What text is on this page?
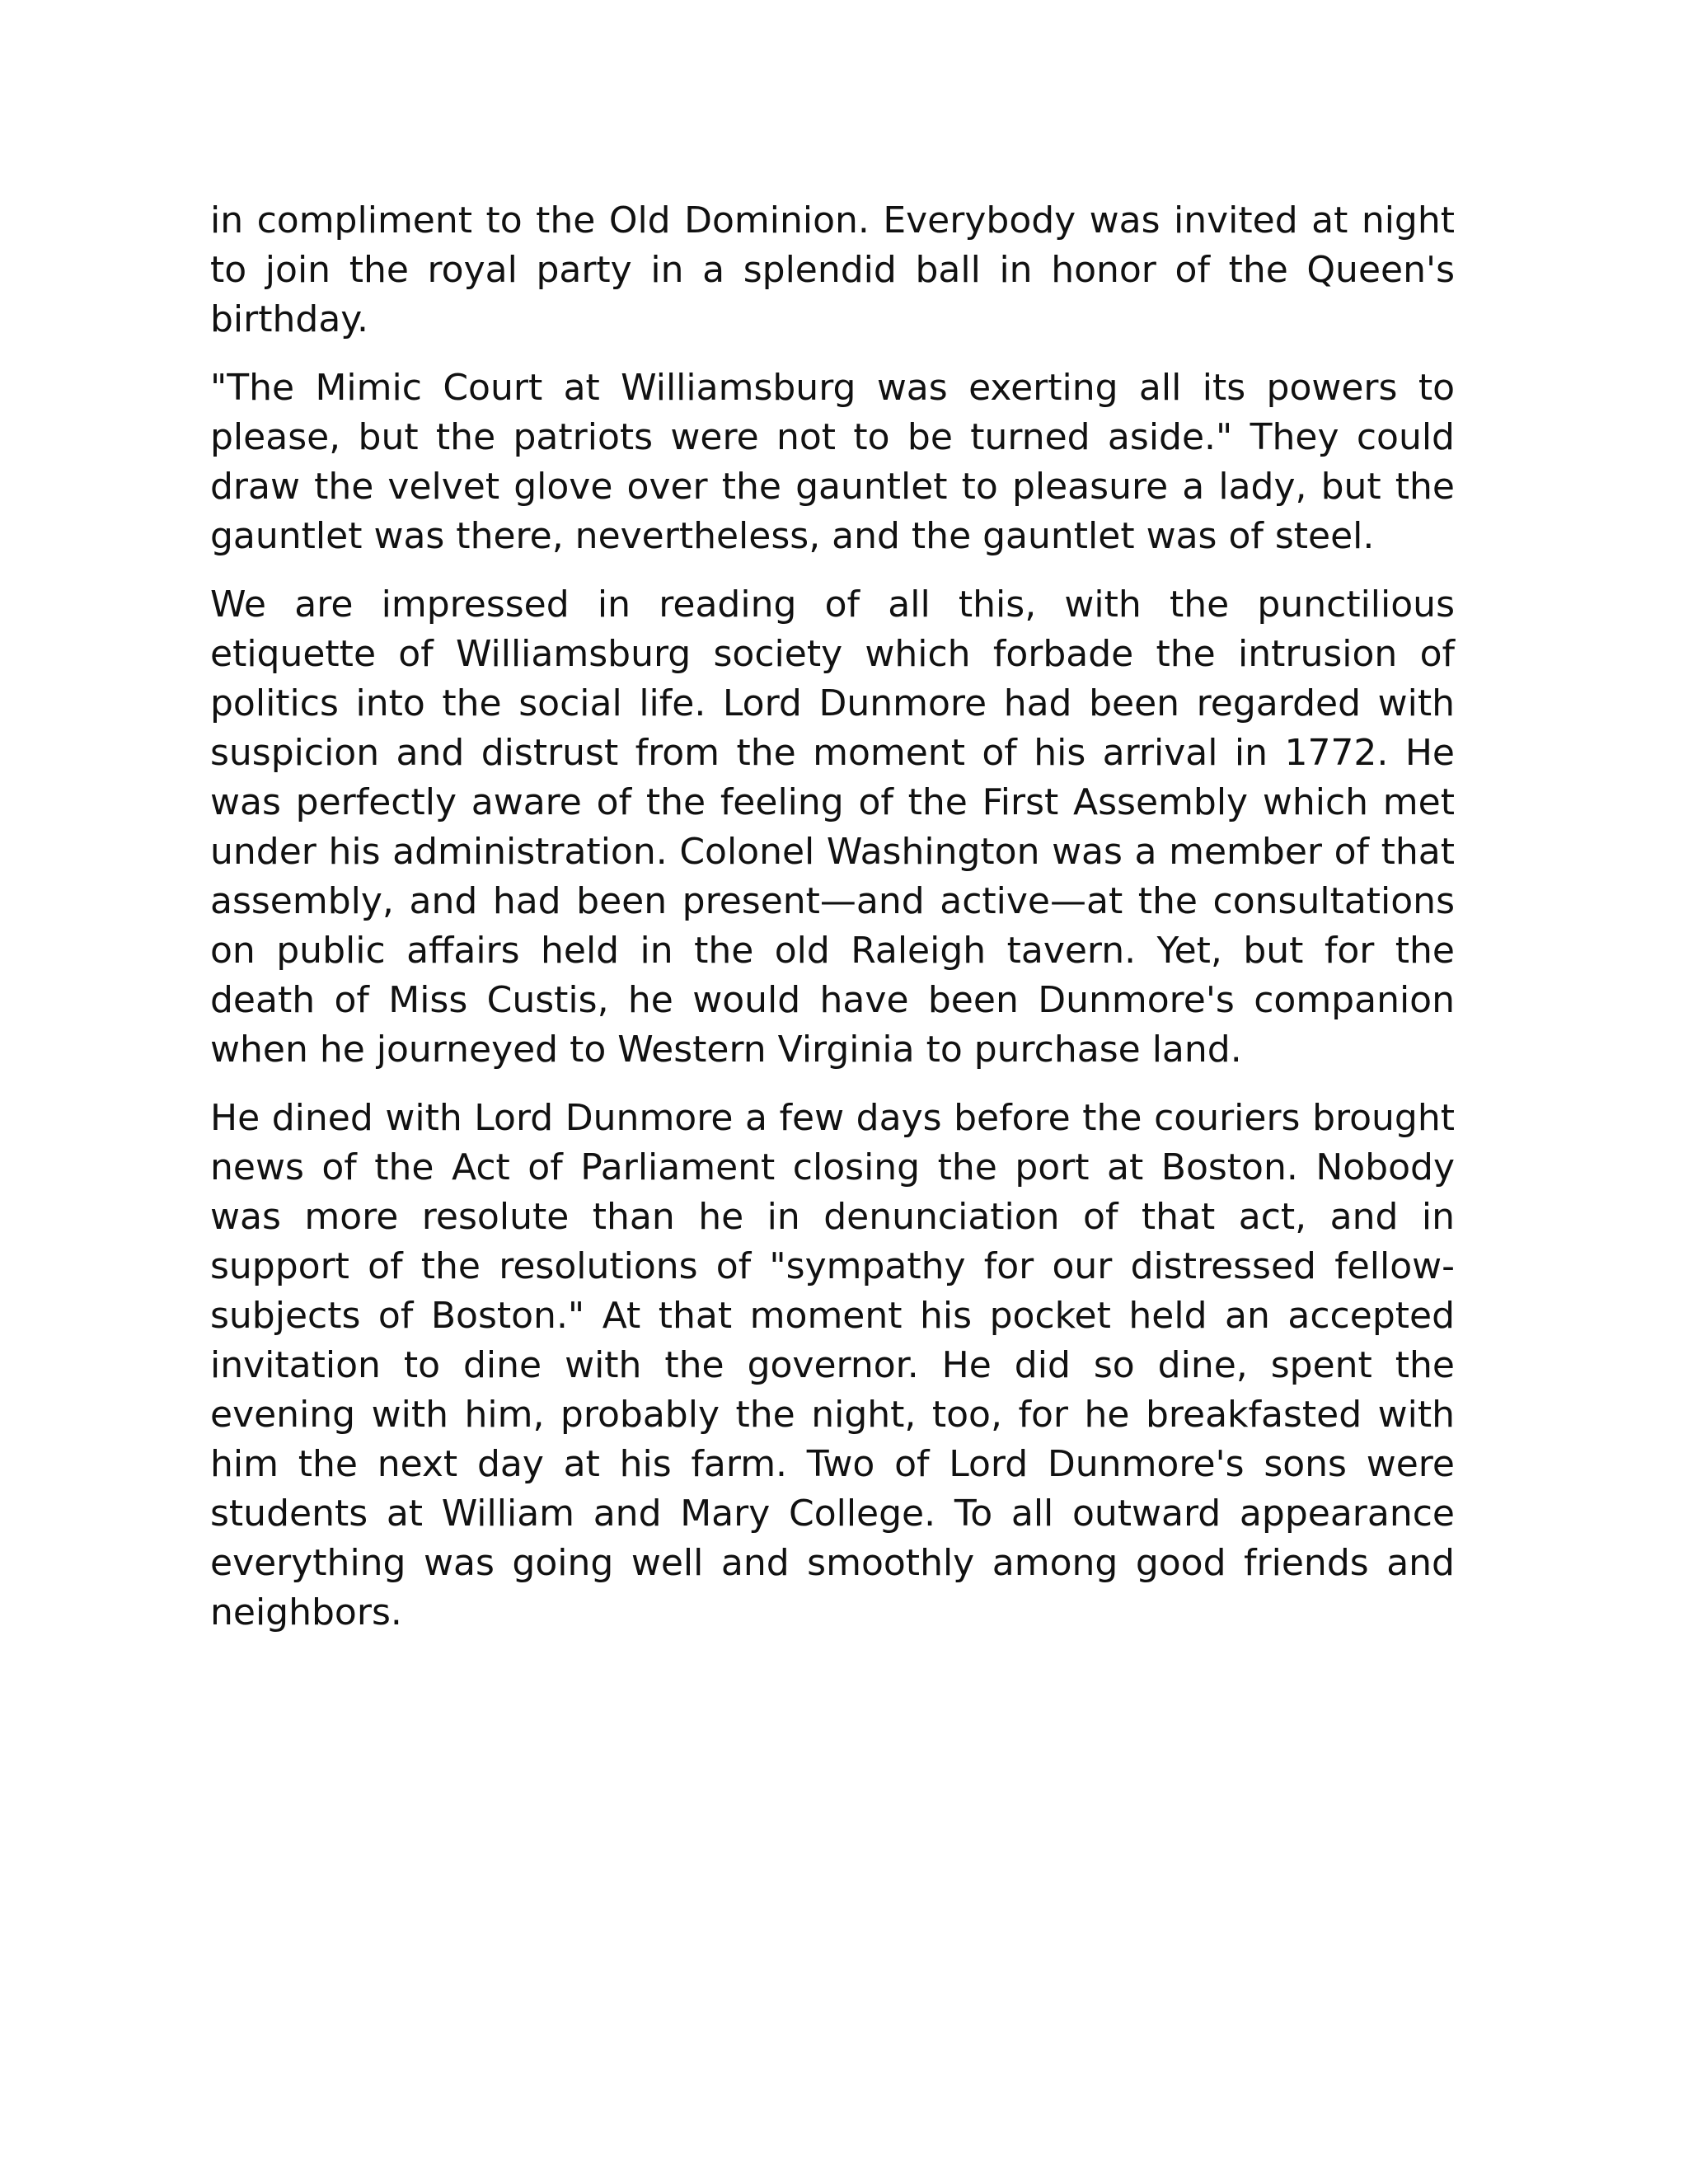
in compliment to the Old Dominion. Everybody was invited at night to join the royal party in a splendid ball in honor of the Queen's birthday.

"The Mimic Court at Williamsburg was exerting all its powers to please, but the patriots were not to be turned aside." They could draw the velvet glove over the gauntlet to pleasure a lady, but the gauntlet was there, nevertheless, and the gauntlet was of steel.

We are impressed in reading of all this, with the punctilious etiquette of Williamsburg society which forbade the intrusion of politics into the social life. Lord Dunmore had been regarded with suspicion and distrust from the moment of his arrival in 1772. He was perfectly aware of the feeling of the First Assembly which met under his administration. Colonel Washington was a member of that assembly, and had been present—and active—at the consultations on public affairs held in the old Raleigh tavern. Yet, but for the death of Miss Custis, he would have been Dunmore's companion when he journeyed to Western Virginia to purchase land.

He dined with Lord Dunmore a few days before the couriers brought news of the Act of Parliament closing the port at Boston. Nobody was more resolute than he in denunciation of that act, and in support of the resolutions of "sympathy for our distressed fellow-subjects of Boston." At that moment his pocket held an accepted invitation to dine with the governor. He did so dine, spent the evening with him, probably the night, too, for he breakfasted with him the next day at his farm. Two of Lord Dunmore's sons were students at William and Mary College. To all outward appearance everything was going well and smoothly among good friends and neighbors.
